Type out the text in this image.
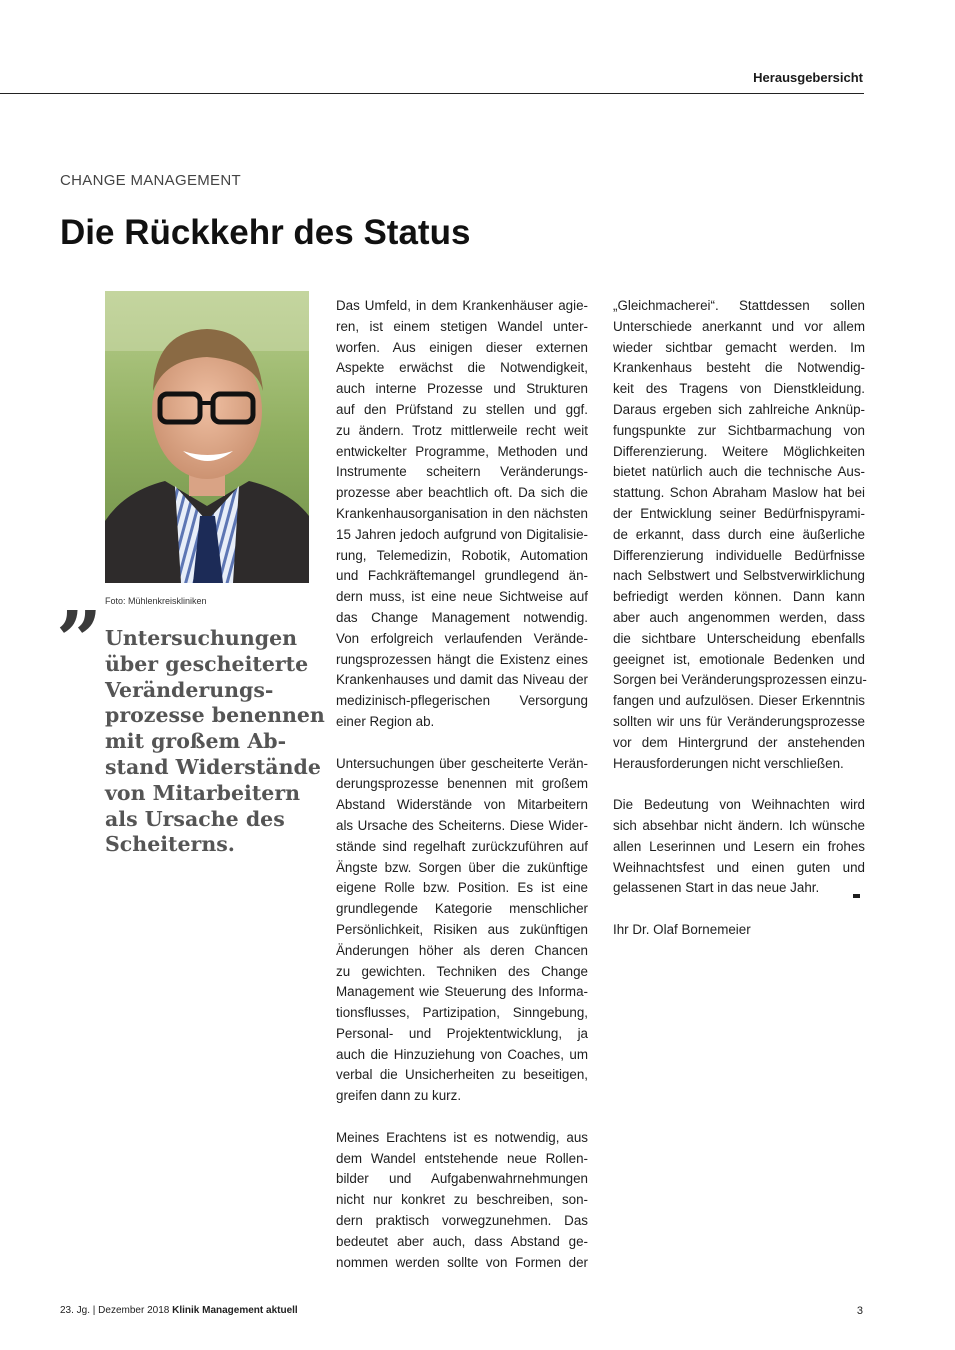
Herausgebersicht
CHANGE MANAGEMENT
Die Rückkehr des Status
Foto: Mühlenkreiskliniken
” Untersuchungen
über gescheiterte
Veränderungs-
prozesse benennen
mit großem Ab-
stand Widerstände
von Mitarbeitern
als Ursache des
Scheiterns.
Das Umfeld, in dem Krankenhäuser agie-
ren, ist einem stetigen Wandel unter-
worfen. Aus einigen dieser externen
Aspekte erwächst die Notwendigkeit,
auch interne Prozesse und Strukturen
auf den Prüfstand zu stellen und ggf.
zu ändern. Trotz mittlerweile recht weit
entwickelter Programme, Methoden und
Instrumente scheitern Veränderungs-
prozesse aber beachtlich oft. Da sich die
Krankenhausorganisation in den nächsten
15 Jahren jedoch aufgrund von Digitalisie-
rung, Telemedizin, Robotik, Automation
und Fachkräftemangel grundlegend än-
dern muss, ist eine neue Sichtweise auf
das Change Management notwendig.
Von erfolgreich verlaufenden Verände-
rungsprozessen hängt die Existenz eines
Krankenhauses und damit das Niveau der
medizinisch-pflegerischen Versorgung
einer Region ab.
Untersuchungen über gescheiterte Verän-
derungsprozesse benennen mit großem
Abstand Widerstände von Mitarbeitern
als Ursache des Scheiterns. Diese Wider-
stände sind regelhaft zurückzuführen auf
Ängste bzw. Sorgen über die zukünftige
eigene Rolle bzw. Position. Es ist eine
grundlegende Kategorie menschlicher
Persönlichkeit, Risiken aus zukünftigen
Änderungen höher als deren Chancen
zu gewichten. Techniken des Change
Management wie Steuerung des Informa-
tionsflusses, Partizipation, Sinngebung,
Personal- und Projektentwicklung, ja
auch die Hinzuziehung von Coaches, um
verbal die Unsicherheiten zu beseitigen,
greifen dann zu kurz.
Meines Erachtens ist es notwendig, aus
dem Wandel entstehende neue Rollen-
bilder und Aufgabenwahrnehmungen
nicht nur konkret zu beschreiben, son-
dern praktisch vorwegzunehmen. Das
bedeutet aber auch, dass Abstand ge-
nommen werden sollte von Formen der
„Gleichmacherei“. Stattdessen sollen
Unterschiede anerkannt und vor allem
wieder sichtbar gemacht werden. Im
Krankenhaus besteht die Notwendig-
keit des Tragens von Dienstkleidung.
Daraus ergeben sich zahlreiche Anknüp-
fungspunkte zur Sichtbarmachung von
Differenzierung. Weitere Möglichkeiten
bietet natürlich auch die technische Aus-
stattung. Schon Abraham Maslow hat bei
der Entwicklung seiner Bedürfnispyrami-
de erkannt, dass durch eine äußerliche
Differenzierung individuelle Bedürfnisse
nach Selbstwert und Selbstverwirklichung
befriedigt werden können. Dann kann
aber auch angenommen werden, dass
die sichtbare Unterscheidung ebenfalls
geeignet ist, emotionale Bedenken und
Sorgen bei Veränderungsprozessen einzu-
fangen und aufzulösen. Dieser Erkenntnis
sollten wir uns für Veränderungsprozesse
vor dem Hintergrund der anstehenden
Herausforderungen nicht verschließen.
Die Bedeutung von Weihnachten wird
sich absehbar nicht ändern. Ich wünsche
allen Leserinnen und Lesern ein frohes
Weihnachtsfest und einen guten und
gelassenen Start in das neue Jahr.
Ihr Dr. Olaf Bornemeier
23. Jg. | Dezember 2018 Klinik Management aktuell	3
